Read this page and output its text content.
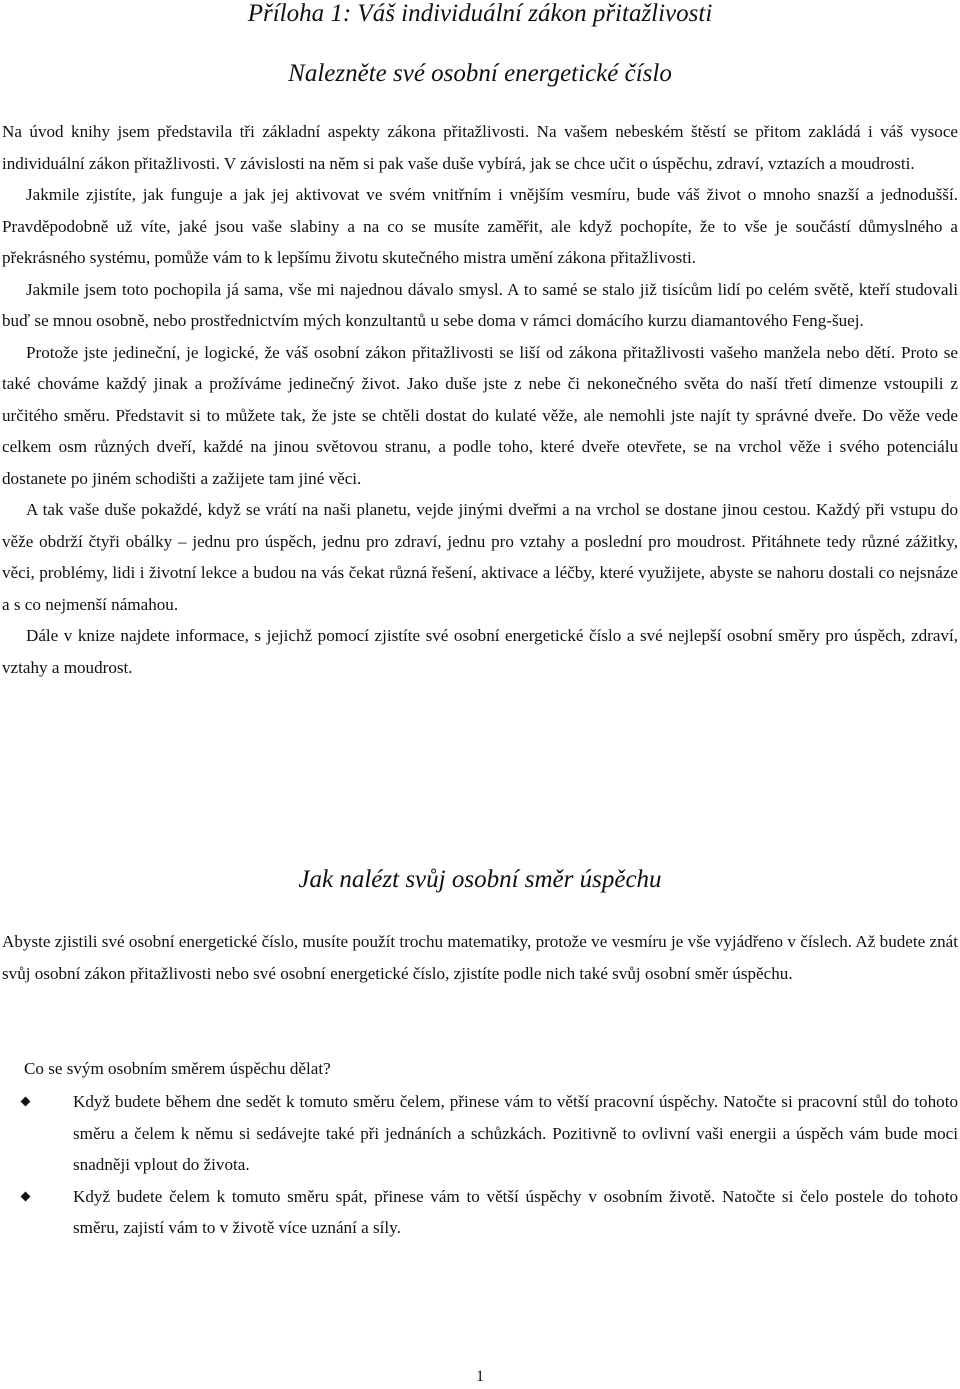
Příloha 1: Váš individuální zákon přitažlivosti
Nalezněte své osobní energetické číslo

Na úvod knihy jsem představila tři základní aspekty zákona přitažlivosti. Na vašem nebeském štěstí se přitom zakládá i váš vysoce individuální zákon přitažlivosti. V závislosti na něm si pak vaše duše vybírá, jak se chce učit o úspěchu, zdraví, vztazích a moudrosti.

Jakmile zjistíte, jak funguje a jak jej aktivovat ve svém vnitřním i vnějším vesmíru, bude váš život o mnoho snazší a jednodušší. Pravděpodobně už víte, jaké jsou vaše slabiny a na co se musíte zaměřit, ale když pochopíte, že to vše je součástí důmyslného a překrásného systému, pomůže vám to k lepšímu životu skutečného mistra umění zákona přitažlivosti.

Jakmile jsem toto pochopila já sama, vše mi najednou dávalo smysl. A to samé se stalo již tisícům lidí po celém světě, kteří studovali buď se mnou osobně, nebo prostřednictvím mých konzultantů u sebe doma v rámci domácího kurzu diamantového Feng-šuej.

Protože jste jedineční, je logické, že váš osobní zákon přitažlivosti se liší od zákona přitažlivosti vašeho manžela nebo dětí. Proto se také chováme každý jinak a prožíváme jedinečný život. Jako duše jste z nebe či nekonečného světa do naší třetí dimenze vstoupili z určitého směru. Představit si to můžete tak, že jste se chtěli dostat do kulaté věže, ale nemohli jste najít ty správné dveře. Do věže vede celkem osm různých dveří, každé na jinou světovou stranu, a podle toho, které dveře otevřete, se na vrchol věže i svého potenciálu dostanete po jiném schodišti a zažijete tam jiné věci.

A tak vaše duše pokaždé, když se vrátí na naši planetu, vejde jinými dveřmi a na vrchol se dostane jinou cestou. Každý při vstupu do věže obdrží čtyři obálky – jednu pro úspěch, jednu pro zdraví, jednu pro vztahy a poslední pro moudrost. Přitáhnete tedy různé zážitky, věci, problémy, lidi i životní lekce a budou na vás čekat různá řešení, aktivace a léčby, které využijete, abyste se nahoru dostali co nejsnáze a s co nejmenší námahou.

Dále v knize najdete informace, s jejichž pomocí zjistíte své osobní energetické číslo a své nejlepší osobní směry pro úspěch, zdraví, vztahy a moudrost.

Jak nalézt svůj osobní směr úspěchu

Abyste zjistili své osobní energetické číslo, musíte použít trochu matematiky, protože ve vesmíru je vše vyjádřeno v číslech. Až budete znát svůj osobní zákon přitažlivosti nebo své osobní energetické číslo, zjistíte podle nich také svůj osobní směr úspěchu.

Co se svým osobním směrem úspěchu dělat?
Když budete během dne sedět k tomuto směru čelem, přinese vám to větší pracovní úspěchy. Natočte si pracovní stůl do tohoto směru a čelem k němu si sedávejte také při jednáních a schůzkách. Pozitivně to ovlivní vaši energii a úspěch vám bude moci snadněji vplout do života.
Když budete čelem k tomuto směru spát, přinese vám to větší úspěchy v osobním životě. Natočte si čelo postele do tohoto směru, zajistí vám to v životě více uznání a síly.
1
